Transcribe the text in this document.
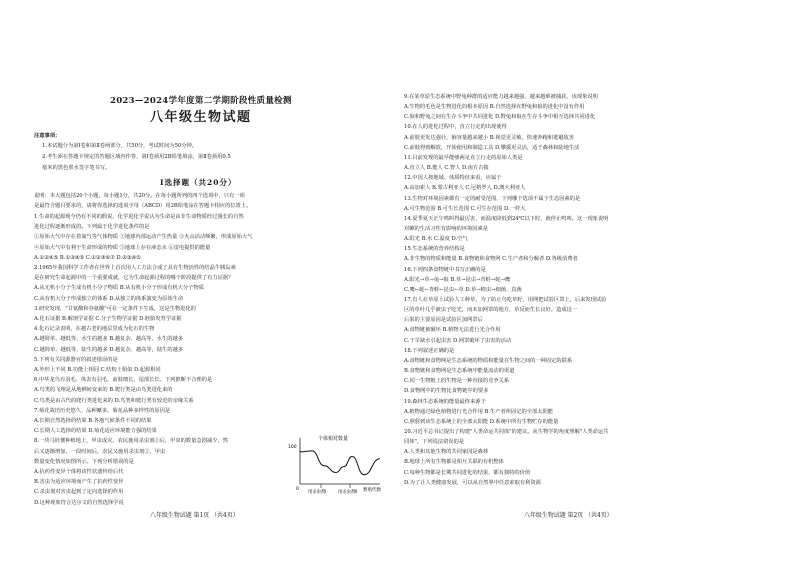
2023—2024学年度第二学期阶段性质量检测
八年级生物试题
注意事项：
1.本试题分为第Ⅰ卷和第Ⅱ卷两部分，共50分，考试时间为50分钟。
2.考生须在答题卡规定的答题区域内作答，第Ⅰ卷须用2B铅笔填涂，第Ⅱ卷须用0.5
毫米的黑色墨水签字笔书写。
Ⅰ选择题（共20分）
说明：本大题包括20个小题，每小题1分，共20分。在每小题所列的四个选项中，只有一项
是最符合题目要求的，请将你选择的选项字母（ABCD）用2B铅笔涂在答题卡相应的位置上。
1.生命的起源现今仍有不同的假说，化学进化学说认为生命是由非生命物质经过漫长的自然
进化过程逐渐形成的。下列属于化学进化条件的是
①原始大气中存在着氮气等气体物质 ②地球内部运动产生热量 ③火山活动频繁，形成原始大气
④原始大气中有利于生命形成的物质 ⑤地球上存在液态水 ⑥雷电提供的能量
A.①②④⑤ B.①③④⑤ C.①②③⑥⑦ D.②③④⑤
2.1965年我国科学工作者在世界上首次用人工方法合成了具有生物活性的结晶牛胰岛素
是在研究生命起源中的一个重要成就，它为生命起源过程的哪个阶段提供了有力证据？
A.从无机小分子生成有机小分子物质 B.从有机小分子形成有机大分子物质
C.从有机大分子形成独立的体系 D.从独立的体系演变为原始生命
3.研究发现，"甘氨酸和谷氨酸"可在一定条件下生成，这是生物进化的
A.化石证据 B.解剖学证据 C.分子生物学证据 D.胚胎发育学证据
4.化石记录表明，在越古老的地层里成为化石的生物
A.越简单、越低等，水生的越多 B.越复杂、越高等，水生的越多
C.越简单、越低等，陆生的越多 D.越复杂、越高等，陆生的越多
5.下列有关同源器官的叙述错误的是
A.外形上不同 B.功能上相同 C.结构上相似 D.起源相同
6.中华龙鸟有羽毛、体表有羽毛，前肢细长，尾部长长。下列推断不合理的是
A.鸟类的飞翔是从地栖转变来的 B.爬行类是由鸟类进化来的
C.鸟类是由古代的爬行类进化来的 D.鸟类和爬行类有较近的亲缘关系
7.菊花栽培历史悠久、品种繁多。菊花品种多样性的原因是
A.长期自然选择的结果 B.各地气候条件不同的结果
C.长期人工选择的结果 D.菊花适应环境能力强的结果
8.一块马铃薯种植地上，甲虫成灾，农民施用杀虫剂①后，甲虫的数量急剧减少，然
后又逐渐增加，一段时间后，农民又施用杀虫剂②，甲虫
数量变化情况如图所示。下列分析错误的是
A.抗药性变异个体将该性状遗传给后代
B.害虫为适应环境而产生了抗药性变异
C.杀虫剂对害虫起到了定向选择的作用
D.这种现象符合达尔文的自然选择学说
个体相对数量
繁殖代数
0
100
用杀虫剂Ⅰ	用杀虫剂Ⅱ
八年级生物试题 第1页 （共4页）
9.在某草原生态系统中野兔种群的适应能力越来越强，越来越难被捕获，该现象说明
A.生物的毛色是生物进化的根本原因 B.自然选择在野兔和狼的进化中没有作用
C.狼和野兔之间在生存斗争中共同进化 D.野兔和狼在生存斗争中相互选择共同进化
10.在人的进化过程中，直立行走的出现使得
A.前肢更发达强壮，脑容量越来越小 B.视觉更灵敏，快速奔跑和逃避敌害
C.前肢得到解放，开始使用和制造工具 D.攀援更灵活，适于森林和陆地生活
11.目前发现的最早能够两足直立行走的原始人类是
A.直立人 B.能人 C.智人 D.南方古猿
12.中国人按地域、体质特征来看，应属于
A.高加索人 B.蒙古利亚人 C.尼格罗人 D.澳大利亚人
13.生物对环境因素都有一定的耐受范围，下列哪个选项不属于生态因素的是
A.可生物范围 B.可生长范围 C.可生存范围 D.一样大
14.夏季夏天正午鸣叫得最厉害，而温度降低到24℃以下时，就停止鸣叫。这一现象说明
对蝉的生活习性有影响的环境因素是
A.阳光 B.水 C.温度 D.空气
15.生态系统的营养结构是
A.非生物的物质和能量 B.食物链和食物网 C.生产者和分解者 D.各级消费者
16.下列四条食物链中书写正确的是
A.阳光→草→兔→狼 B.草→昆虫→青蛙→蛇→鹰
C.鹰←蛇←青蛙←昆虫←草 D.草→蝗虫→细菌、真菌
17.有人在草原上试验人工种草，为了防止鸟吃草籽，用网把试验区罩上，后来发现试验
区的草叶几乎被虫子吃光，而未加网罩的地方，草反而生长良好。造成这一
后果的主要原因是试验区加网罩后
A.食物链被破坏 B.植物无法进行光合作用
C.干旱缺水引起虫害 D.网罩破坏了虫害的活动
18.下列叙述正确的是
A.食物链和食物网是生态系统的物质和能量在生物之间的一种固定的联系
B.食物链和食物网是生态系统中能量流动的渠道
C.同一生物链上的生物是一种直接的竞争关系
D.食物网中的生物比食物链中的要多
19.森林生态系统的能量最终来源于
A.植物通过绿色植物进行光合作用 B.生产者所固定的全部太阳能
C.照射到该生态系统上的全部太阳能 D.系统中所有生物贮存的能量
20.习近平总书记提出了构建"人类命运共同体"的建议。从生物学的角度理解"人类命运共
同体"，下列说法错误的是
A.人类和其他生物的共同家园是森林
B.地球上所有生物都是相互关联的有机整体
C.每种生物都是长期共同进化的结果，都有独特的价值
D.为了让人类健康发展，可以从自然界中任意索取有利资源
八年级生物试题 第2页 （共4页）
